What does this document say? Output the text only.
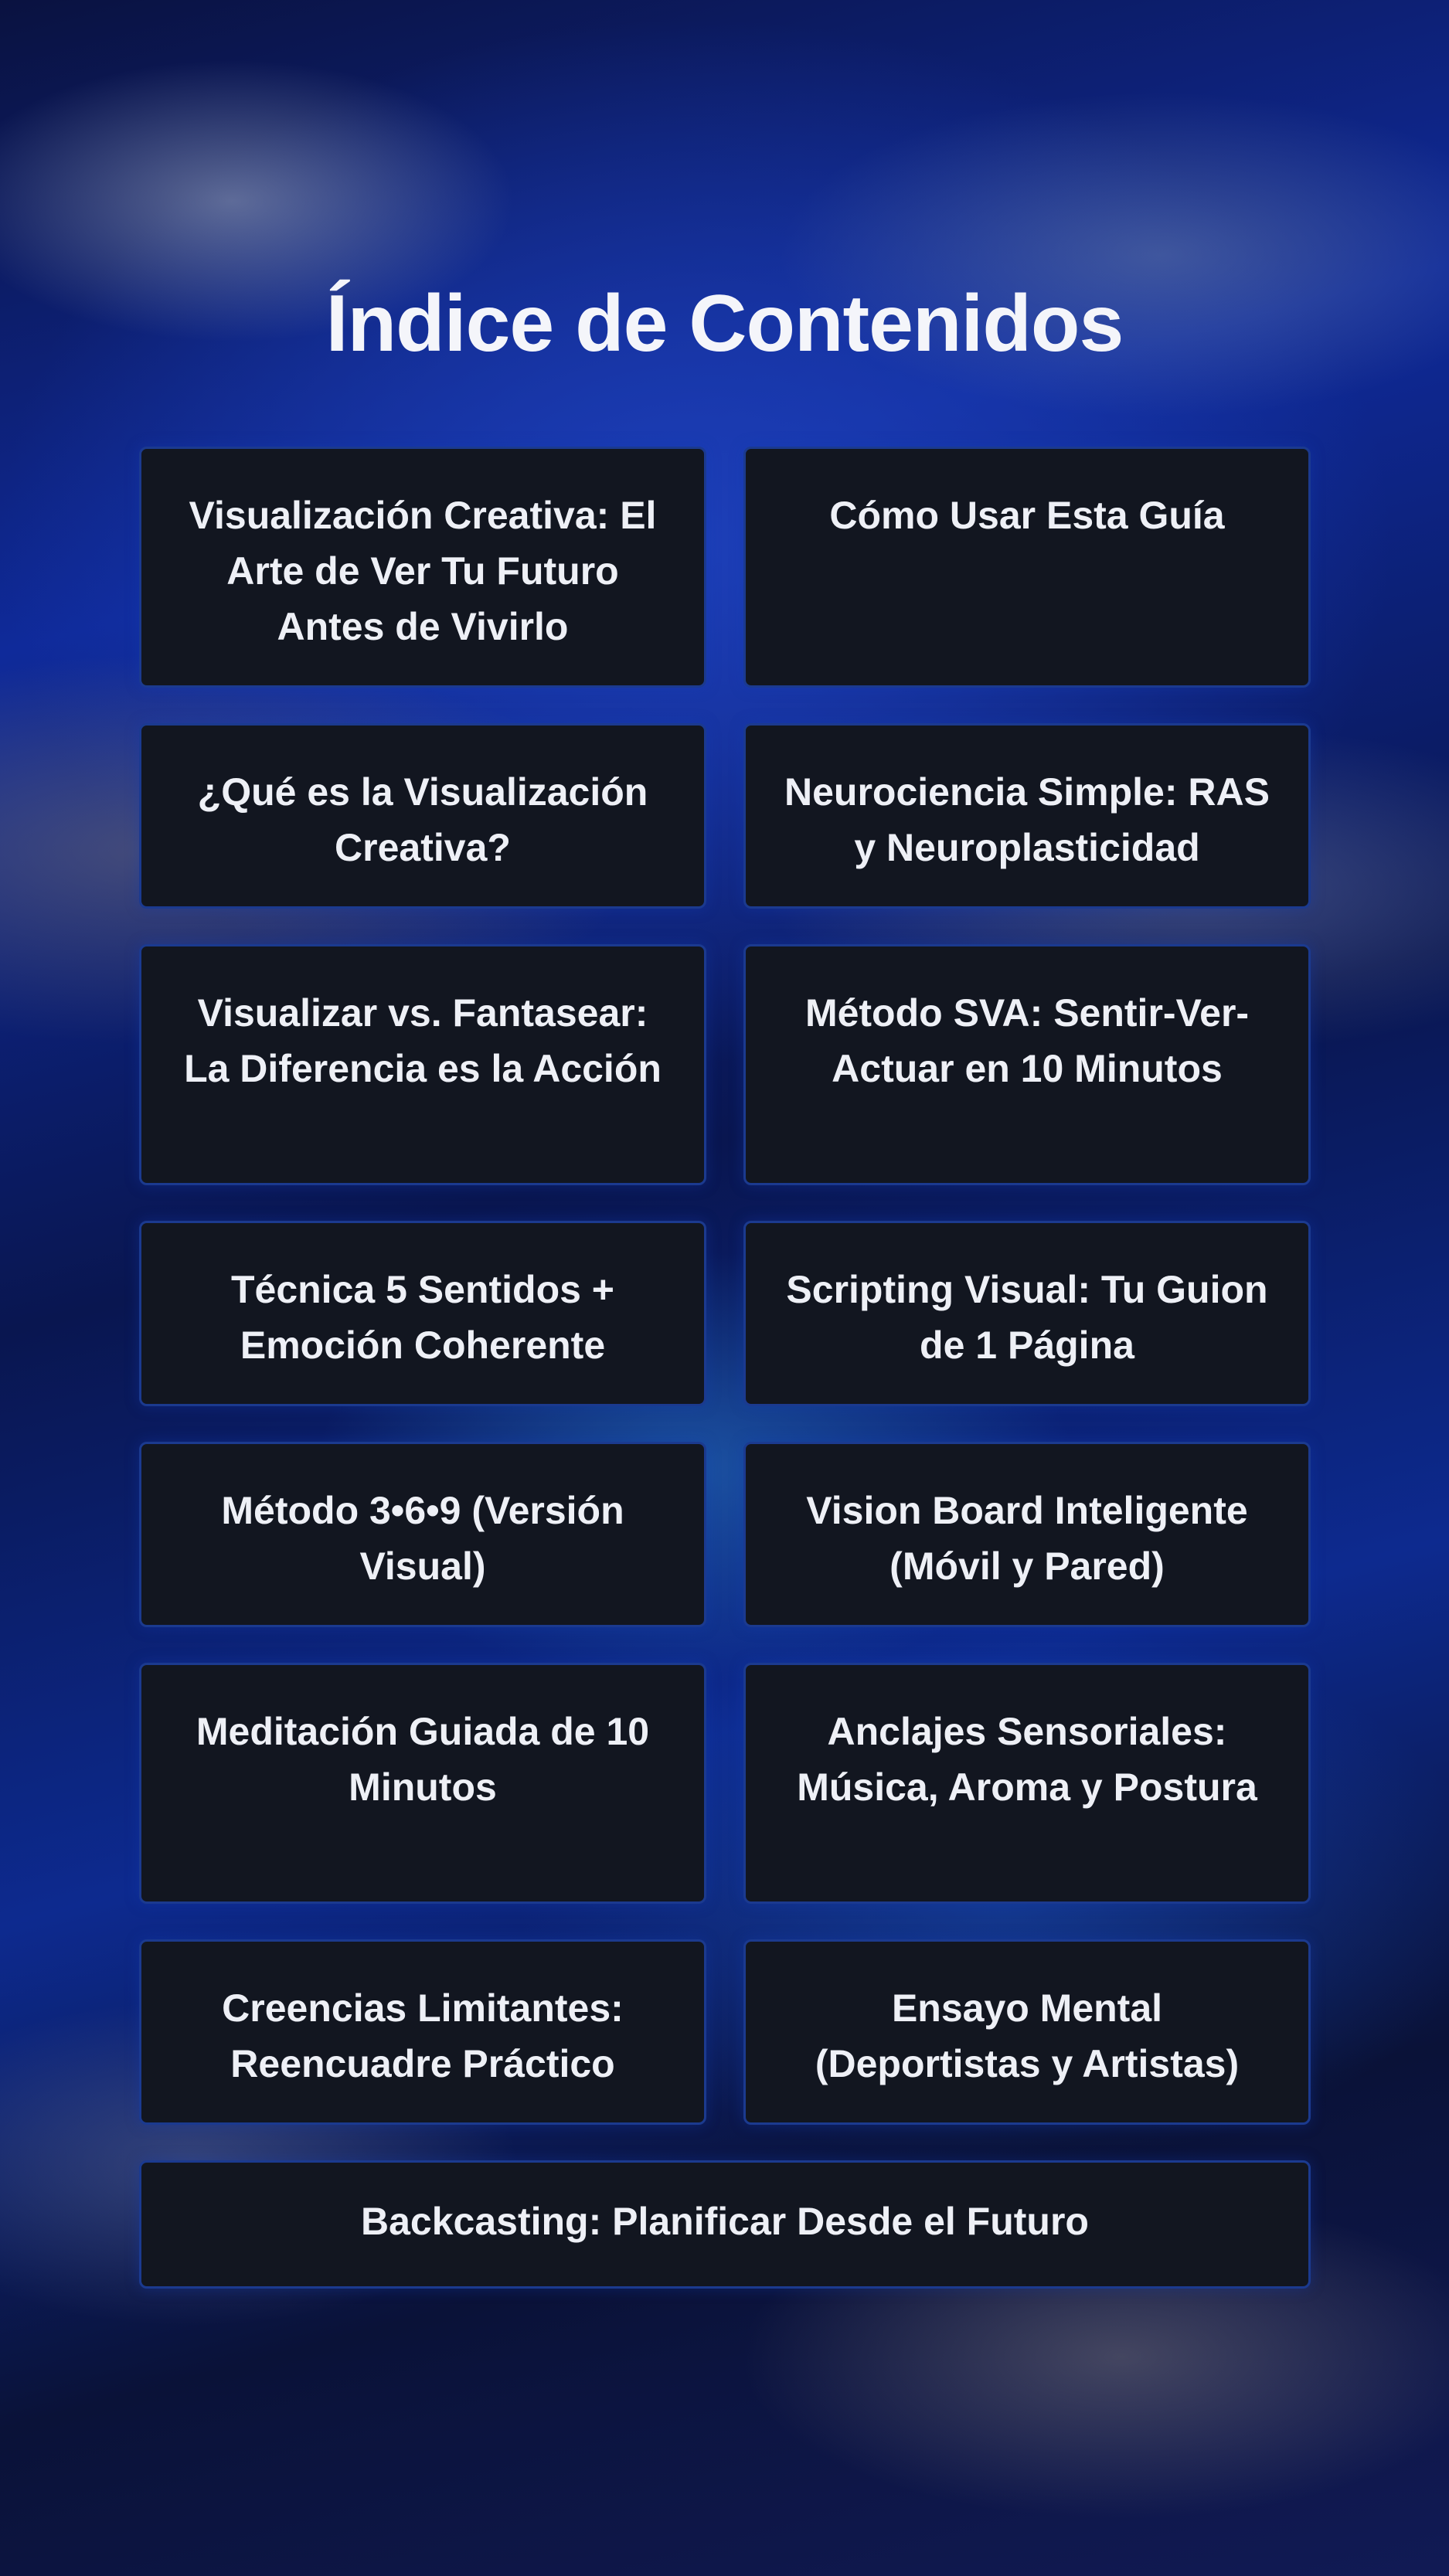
Índice de Contenidos
Visualización Creativa: El Arte de Ver Tu Futuro Antes de Vivirlo
Cómo Usar Esta Guía
¿Qué es la Visualización Creativa?
Neurociencia Simple: RAS y Neuroplasticidad
Visualizar vs. Fantasear: La Diferencia es la Acción
Método SVA: Sentir-Ver-Actuar en 10 Minutos
Técnica 5 Sentidos + Emoción Coherente
Scripting Visual: Tu Guion de 1 Página
Método 3•6•9 (Versión Visual)
Vision Board Inteligente (Móvil y Pared)
Meditación Guiada de 10 Minutos
Anclajes Sensoriales: Música, Aroma y Postura
Creencias Limitantes: Reencuadre Práctico
Ensayo Mental (Deportistas y Artistas)
Backcasting: Planificar Desde el Futuro
